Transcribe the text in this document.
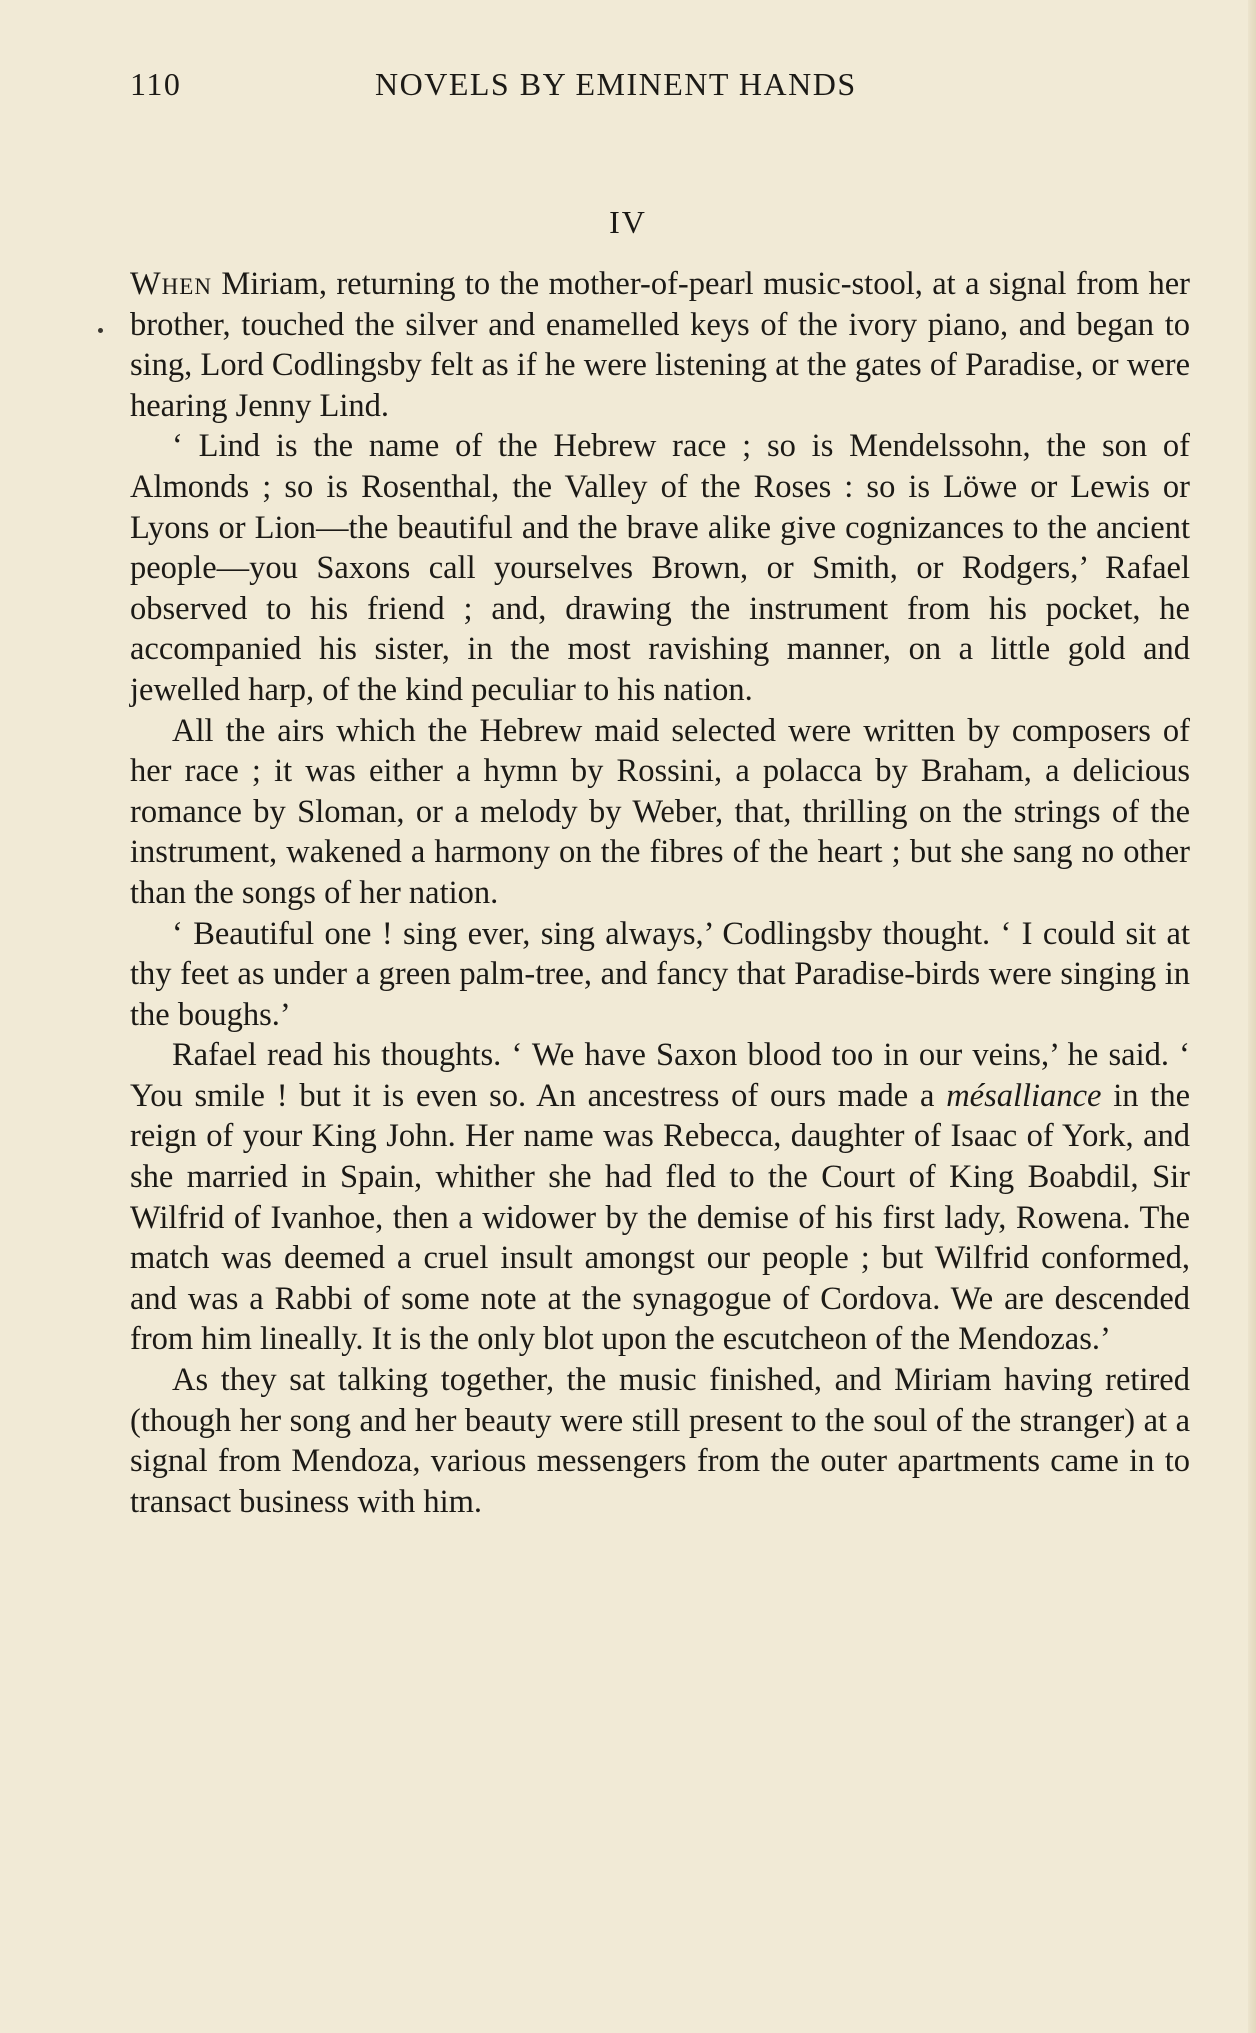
110	NOVELS BY EMINENT HANDS
IV

When Miriam, returning to the mother-of-pearl music-stool, at a signal from her brother, touched the silver and enamelled keys of the ivory piano, and began to sing, Lord Codlingsby felt as if he were listening at the gates of Paradise, or were hearing Jenny Lind.

‘ Lind is the name of the Hebrew race ; so is Mendelssohn, the son of Almonds ; so is Rosenthal, the Valley of the Roses : so is Löwe or Lewis or Lyons or Lion—the beautiful and the brave alike give cognizances to the ancient people—you Saxons call yourselves Brown, or Smith, or Rodgers,’ Rafael observed to his friend ; and, drawing the instrument from his pocket, he accompanied his sister, in the most ravishing manner, on a little gold and jewelled harp, of the kind peculiar to his nation.

All the airs which the Hebrew maid selected were written by composers of her race ; it was either a hymn by Rossini, a polacca by Braham, a delicious romance by Sloman, or a melody by Weber, that, thrilling on the strings of the instrument, wakened a harmony on the fibres of the heart ; but she sang no other than the songs of her nation.

‘ Beautiful one ! sing ever, sing always,’ Codlingsby thought. ‘ I could sit at thy feet as under a green palm-tree, and fancy that Paradise-birds were singing in the boughs.’

Rafael read his thoughts. ‘ We have Saxon blood too in our veins,’ he said. ‘ You smile ! but it is even so. An ancestress of ours made a mésalliance in the reign of your King John. Her name was Rebecca, daughter of Isaac of York, and she married in Spain, whither she had fled to the Court of King Boabdil, Sir Wilfrid of Ivanhoe, then a widower by the demise of his first lady, Rowena. The match was deemed a cruel insult amongst our people ; but Wilfrid conformed, and was a Rabbi of some note at the synagogue of Cordova. We are descended from him lineally. It is the only blot upon the escutcheon of the Mendozas.’

As they sat talking together, the music finished, and Miriam having retired (though her song and her beauty were still present to the soul of the stranger) at a signal from Mendoza, various messengers from the outer apartments came in to transact business with him.
